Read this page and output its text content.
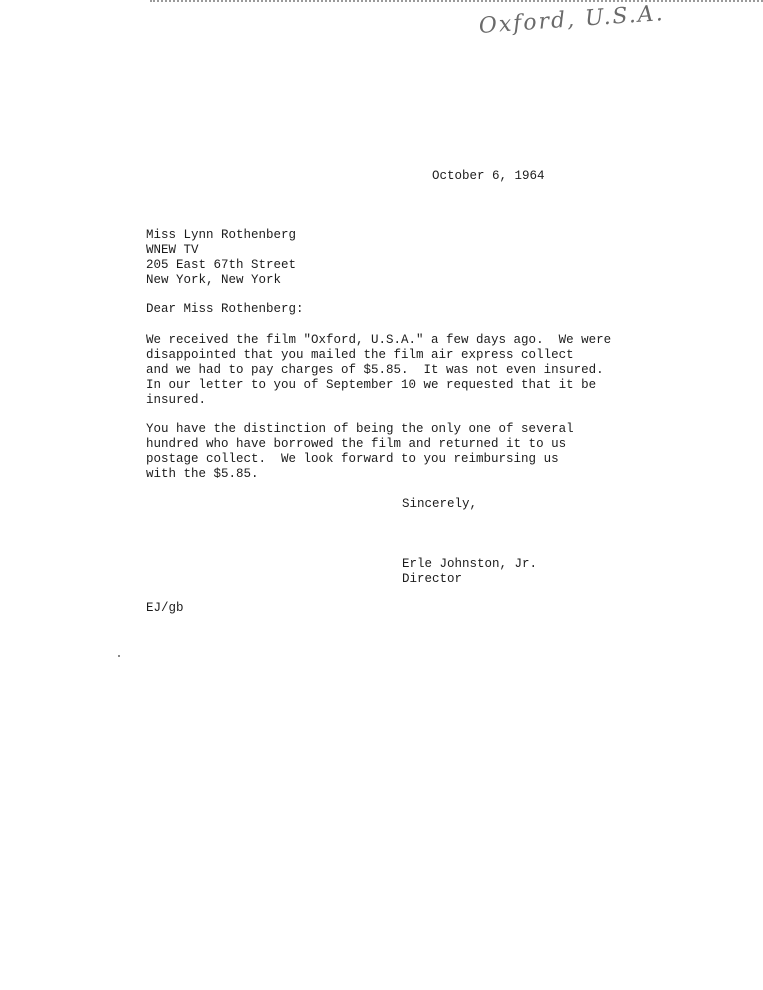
Oxford, U.S.A.
October 6, 1964
Miss Lynn Rothenberg
WNEW TV
205 East 67th Street
New York, New York
Dear Miss Rothenberg:
We received the film "Oxford, U.S.A." a few days ago.  We were
disappointed that you mailed the film air express collect
and we had to pay charges of $5.85.  It was not even insured.
In our letter to you of September 10 we requested that it be
insured.
You have the distinction of being the only one of several
hundred who have borrowed the film and returned it to us
postage collect.  We look forward to you reimbursing us
with the $5.85.
Sincerely,
Erle Johnston, Jr.
Director
EJ/gb
